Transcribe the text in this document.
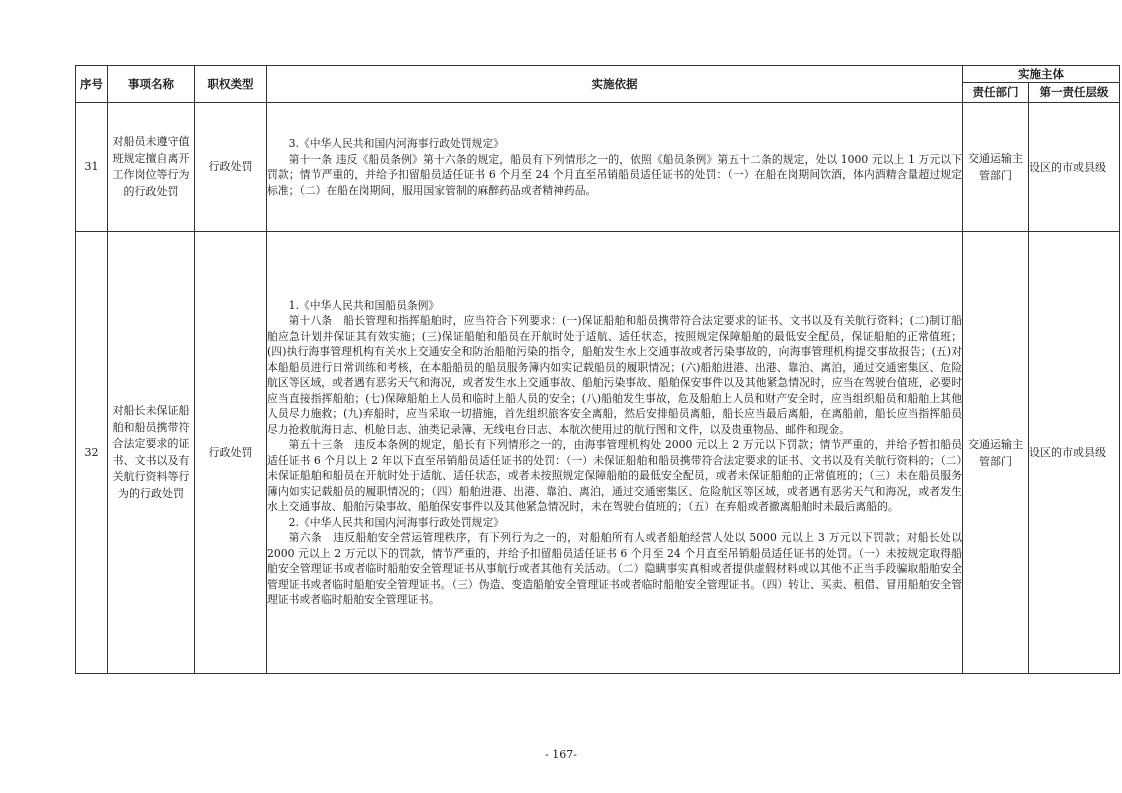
序号	事项名称	职权类型	实施依据	实施主体	
				责任部门	第一责任层级
31	对船员未遵守值班规定擅自离开工作岗位等行为的行政处罚	行政处罚	3.《中华人民共和国内河海事行政处罚规定》

第十一条 违反《船员条例》第十六条的规定，船员有下列情形之一的，依照《船员条例》第五十二条的规定，处以 1000 元以上 1 万元以下罚款；情节严重的，并给予扣留船员适任证书 6 个月至 24 个月直至吊销船员适任证书的处罚：（一）在船在岗期间饮酒，体内酒精含量超过规定标准；（二）在船在岗期间，服用国家管制的麻醉药品或者精神药品。	交通运输主管部门	设区的市或县级
32	对船长未保证船舶和船员携带符合法定要求的证书、文书以及有关航行资料等行为的行政处罚	行政处罚	1.《中华人民共和国船员条例》

第十八条　船长管理和指挥船舶时，应当符合下列要求：(一)保证船舶和船员携带符合法定要求的证书、文书以及有关航行资料；(二)制订船舶应急计划并保证其有效实施；(三)保证船舶和船员在开航时处于适航、适任状态，按照规定保障船舶的最低安全配员，保证船舶的正常值班；(四)执行海事管理机构有关水上交通安全和防治船舶污染的指令，船舶发生水上交通事故或者污染事故的，向海事管理机构提交事故报告；(五)对本船船员进行日常训练和考核，在本船船员的船员服务簿内如实记载船员的履职情况；(六)船舶进港、出港、靠泊、离泊，通过交通密集区、危险航区等区域，或者遇有恶劣天气和海况，或者发生水上交通事故、船舶污染事故、船舶保安事件以及其他紧急情况时，应当在驾驶台值班，必要时应当直接指挥船舶；(七)保障船舶上人员和临时上船人员的安全；(八)船舶发生事故，危及船舶上人员和财产安全时，应当组织船员和船舶上其他人员尽力施救；(九)弃船时，应当采取一切措施，首先组织旅客安全离船，然后安排船员离船，船长应当最后离船，在离船前，船长应当指挥船员尽力抢救航海日志、机舱日志、油类记录簿、无线电台日志、本航次使用过的航行图和文件，以及贵重物品、邮件和现金。

第五十三条　违反本条例的规定，船长有下列情形之一的，由海事管理机构处 2000 元以上 2 万元以下罚款；情节严重的，并给予暂扣船员适任证书 6 个月以上 2 年以下直至吊销船员适任证书的处罚：（一）未保证船舶和船员携带符合法定要求的证书、文书以及有关航行资料的；（二）未保证船舶和船员在开航时处于适航、适任状态，或者未按照规定保障船舶的最低安全配员，或者未保证船舶的正常值班的；（三）未在船员服务簿内如实记载船员的履职情况的；（四）船舶进港、出港、靠泊、离泊，通过交通密集区、危险航区等区域，或者遇有恶劣天气和海况，或者发生水上交通事故、船舶污染事故、船舶保安事件以及其他紧急情况时，未在驾驶台值班的；（五）在弃船或者撤离船舶时未最后离船的。

2.《中华人民共和国内河海事行政处罚规定》

第六条　违反船舶安全营运管理秩序，有下列行为之一的，对船舶所有人或者船舶经营人处以 5000 元以上 3 万元以下罚款；对船长处以 2000 元以上 2 万元以下的罚款，情节严重的，并给予扣留船员适任证书 6 个月至 24 个月直至吊销船员适任证书的处罚。（一）未按规定取得船舶安全管理证书或者临时船舶安全管理证书从事航行或者其他有关活动。（二）隐瞒事实真相或者提供虚假材料或以其他不正当手段骗取船舶安全管理证书或者临时船舶安全管理证书。（三）伪造、变造船舶安全管理证书或者临时船舶安全管理证书。（四）转让、买卖、租借、冒用船舶安全管理证书或者临时船舶安全管理证书。	交通运输主管部门	设区的市或县级
- 167-
